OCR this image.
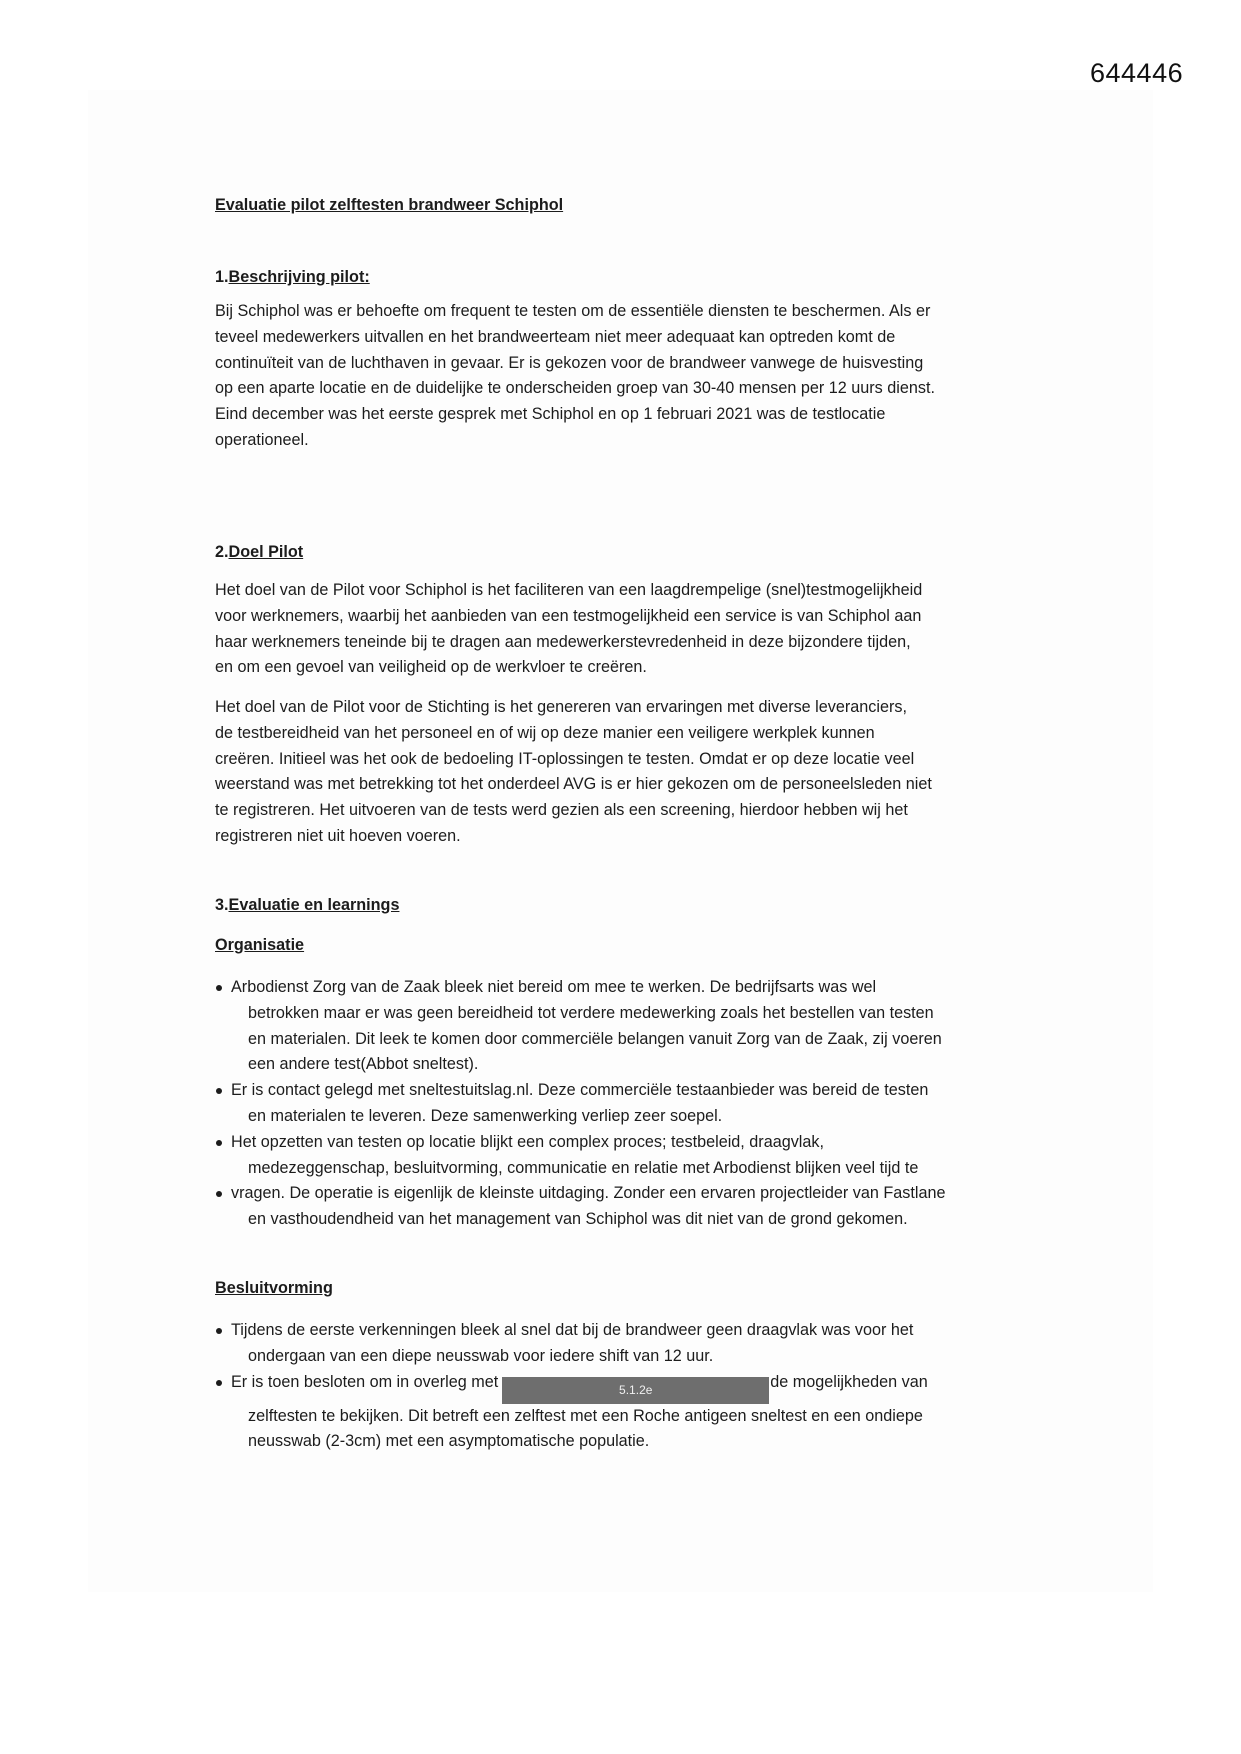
644446
Evaluatie pilot zelftesten brandweer Schiphol
1.Beschrijving pilot:
Bij Schiphol was er behoefte om frequent te testen om de essentiële diensten te beschermen. Als er
teveel medewerkers uitvallen en het brandweerteam niet meer adequaat kan optreden komt de
continuïteit van de luchthaven in gevaar. Er is gekozen voor de brandweer vanwege de huisvesting
op een aparte locatie en de duidelijke te onderscheiden groep van 30-40 mensen per 12 uurs dienst.
Eind december was het eerste gesprek met Schiphol en op 1 februari 2021 was de testlocatie
operationeel.
2.Doel Pilot
Het doel van de Pilot voor Schiphol is het faciliteren van een laagdrempelige (snel)testmogelijkheid
voor werknemers, waarbij het aanbieden van een testmogelijkheid een service is van Schiphol aan
haar werknemers teneinde bij te dragen aan medewerkerstevredenheid in deze bijzondere tijden,
en om een gevoel van veiligheid op de werkvloer te creëren.
Het doel van de Pilot voor de Stichting is het genereren van ervaringen met diverse leveranciers,
de testbereidheid van het personeel en of wij op deze manier een veiligere werkplek kunnen
creëren. Initieel was het ook de bedoeling IT-oplossingen te testen. Omdat er op deze locatie veel
weerstand was met betrekking tot het onderdeel AVG is er hier gekozen om de personeelsleden niet
te registreren. Het uitvoeren van de tests werd gezien als een screening, hierdoor hebben wij het
registreren niet uit hoeven voeren.
3.Evaluatie en learnings
Organisatie
Arbodienst Zorg van de Zaak bleek niet bereid om mee te werken. De bedrijfsarts was wel
betrokken maar er was geen bereidheid tot verdere medewerking zoals het bestellen van testen
en materialen. Dit leek te komen door commerciële belangen vanuit Zorg van de Zaak, zij voeren
een andere test(Abbot sneltest).
Er is contact gelegd met sneltestuitslag.nl. Deze commerciële testaanbieder was bereid de testen
en materialen te leveren. Deze samenwerking verliep zeer soepel.
Het opzetten van testen op locatie blijkt een complex proces; testbeleid, draagvlak,
medezeggenschap, besluitvorming, communicatie en relatie met Arbodienst blijken veel tijd te
vragen. De operatie is eigenlijk de kleinste uitdaging. Zonder een ervaren projectleider van Fastlane
en vasthoudendheid van het management van Schiphol was dit niet van de grond gekomen.
Besluitvorming
Tijdens de eerste verkenningen bleek al snel dat bij de brandweer geen draagvlak was voor het
ondergaan van een diepe neusswab voor iedere shift van 12 uur.
Er is toen besloten om in overleg met	5.1.2e	de mogelijkheden van
zelftesten te bekijken. Dit betreft een zelftest met een Roche antigeen sneltest en een ondiepe
neusswab (2-3cm) met een asymptomatische populatie.
